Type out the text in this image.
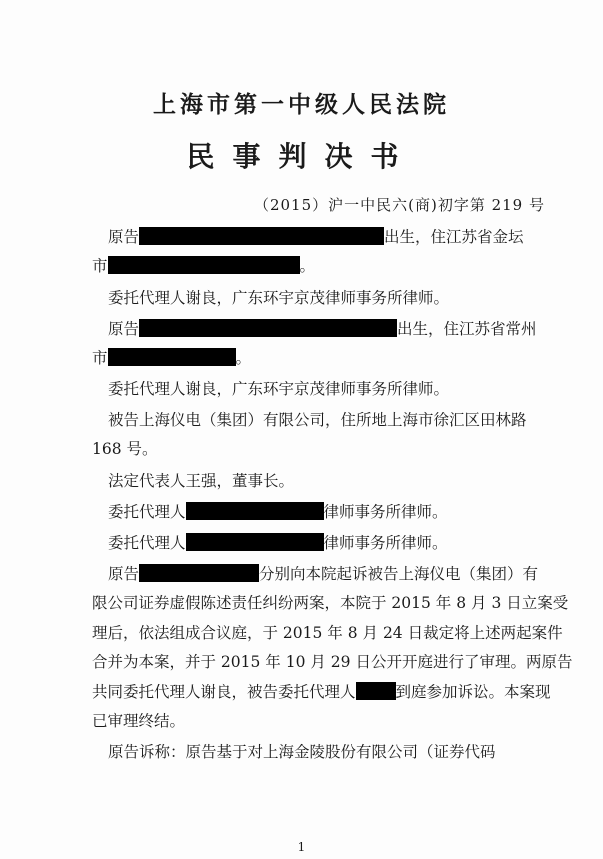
上海市第一中级人民法院
民事判决书
（2015）沪一中民六(商)初字第 219 号
原告	出生，住江苏省金坛
市	。
委托代理人谢良，广东环宇京茂律师事务所律师。
原告	出生，住江苏省常州
市	。
委托代理人谢良，广东环宇京茂律师事务所律师。
被告上海仪电（集团）有限公司，住所地上海市徐汇区田林路
168 号。
法定代表人王强，董事长。
委托代理人	律师事务所律师。
委托代理人	律师事务所律师。
原告	分别向本院起诉被告上海仪电（集团）有
限公司证券虚假陈述责任纠纷两案，本院于 2015 年 8 月 3 日立案受
理后，依法组成合议庭，于 2015 年 8 月 24 日裁定将上述两起案件
合并为本案，并于 2015 年 10 月 29 日公开开庭进行了审理。两原告
共同委托代理人谢良，被告委托代理人	到庭参加诉讼。本案现
已审理终结。
原告诉称：原告基于对上海金陵股份有限公司（证券代码
1
